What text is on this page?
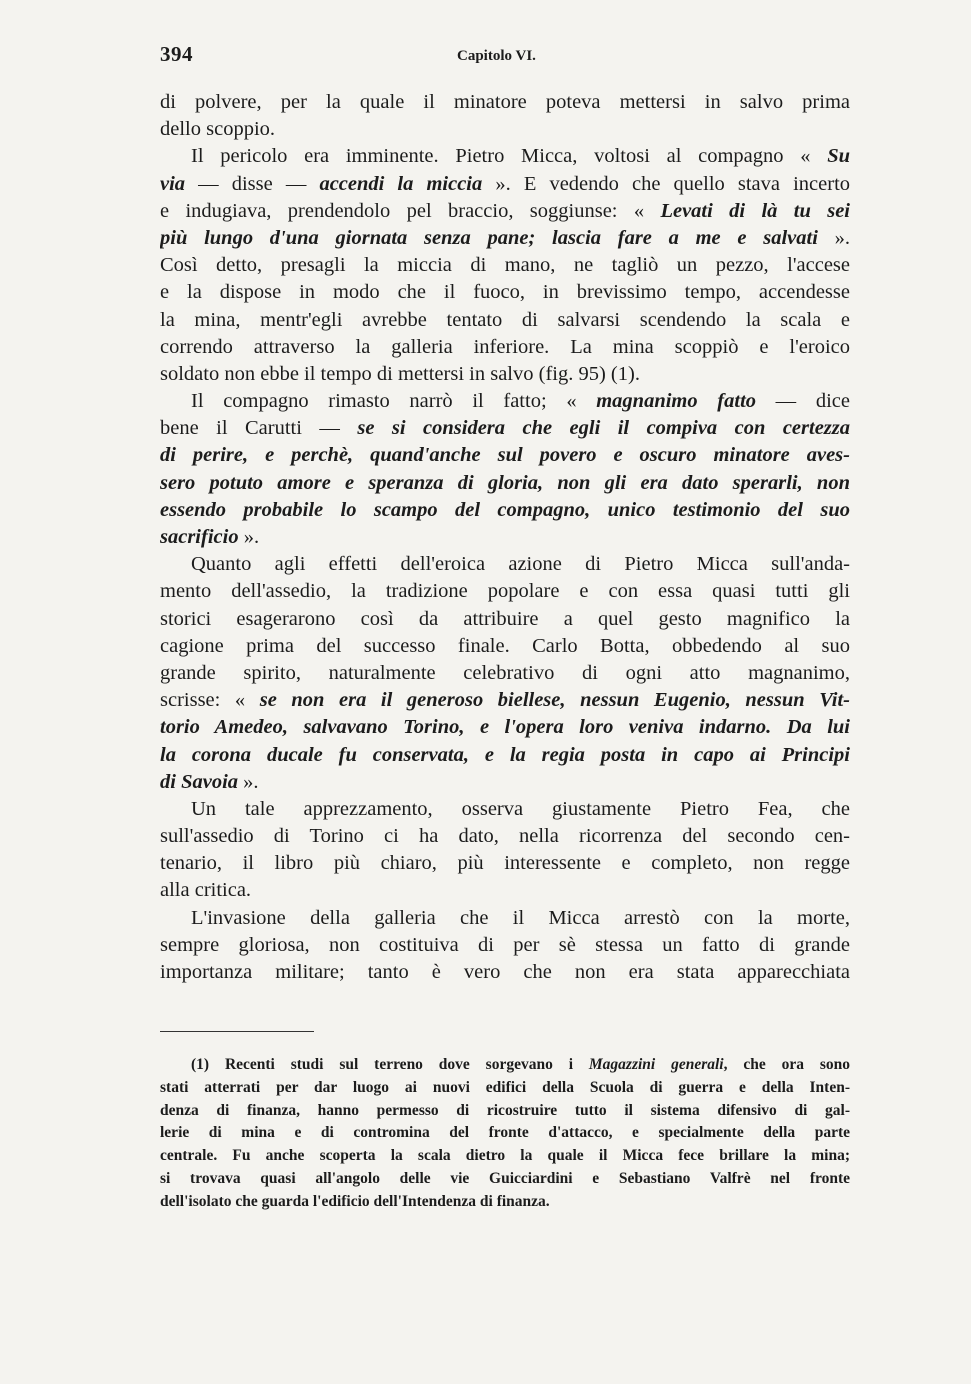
394	Capitolo VI.
di polvere, per la quale il minatore poteva mettersi in salvo prima
dello scoppio.
Il pericolo era imminente. Pietro Micca, voltosi al compagno « Su
via — disse — accendi la miccia ». E vedendo che quello stava incerto
e indugiava, prendendolo pel braccio, soggiunse: « Levati di là tu sei
più lungo d'una giornata senza pane; lascia fare a me e salvati ».
Così detto, presagli la miccia di mano, ne tagliò un pezzo, l'accese
e la dispose in modo che il fuoco, in brevissimo tempo, accendesse
la mina, mentr'egli avrebbe tentato di salvarsi scendendo la scala e
correndo attraverso la galleria inferiore. La mina scoppiò e l'eroico
soldato non ebbe il tempo di mettersi in salvo (fig. 95) (1).
Il compagno rimasto narrò il fatto; « magnanimo fatto — dice
bene il Carutti — se si considera che egli il compiva con certezza
di perire, e perchè, quand'anche sul povero e oscuro minatore aves-
sero potuto amore e speranza di gloria, non gli era dato sperarli, non
essendo probabile lo scampo del compagno, unico testimonio del suo
sacrificio ».
Quanto agli effetti dell'eroica azione di Pietro Micca sull'anda-
mento dell'assedio, la tradizione popolare e con essa quasi tutti gli
storici esagerarono così da attribuire a quel gesto magnifico la
cagione prima del successo finale. Carlo Botta, obbedendo al suo
grande spirito, naturalmente celebrativo di ogni atto magnanimo,
scrisse: « se non era il generoso biellese, nessun Eugenio, nessun Vit-
torio Amedeo, salvavano Torino, e l'opera loro veniva indarno. Da lui
la corona ducale fu conservata, e la regia posta in capo ai Principi
di Savoia ».
Un tale apprezzamento, osserva giustamente Pietro Fea, che
sull'assedio di Torino ci ha dato, nella ricorrenza del secondo cen-
tenario, il libro più chiaro, più interessente e completo, non regge
alla critica.
L'invasione della galleria che il Micca arrestò con la morte,
sempre gloriosa, non costituiva di per sè stessa un fatto di grande
importanza militare; tanto è vero che non era stata apparecchiata
(1) Recenti studi sul terreno dove sorgevano i Magazzini generali, che ora sono
stati atterrati per dar luogo ai nuovi edifici della Scuola di guerra e della Inten-
denza di finanza, hanno permesso di ricostruire tutto il sistema difensivo di gal-
lerie di mina e di contromina del fronte d'attacco, e specialmente della parte
centrale. Fu anche scoperta la scala dietro la quale il Micca fece brillare la mina;
si trovava quasi all'angolo delle vie Guicciardini e Sebastiano Valfrè nel fronte
dell'isolato che guarda l'edificio dell'Intendenza di finanza.
